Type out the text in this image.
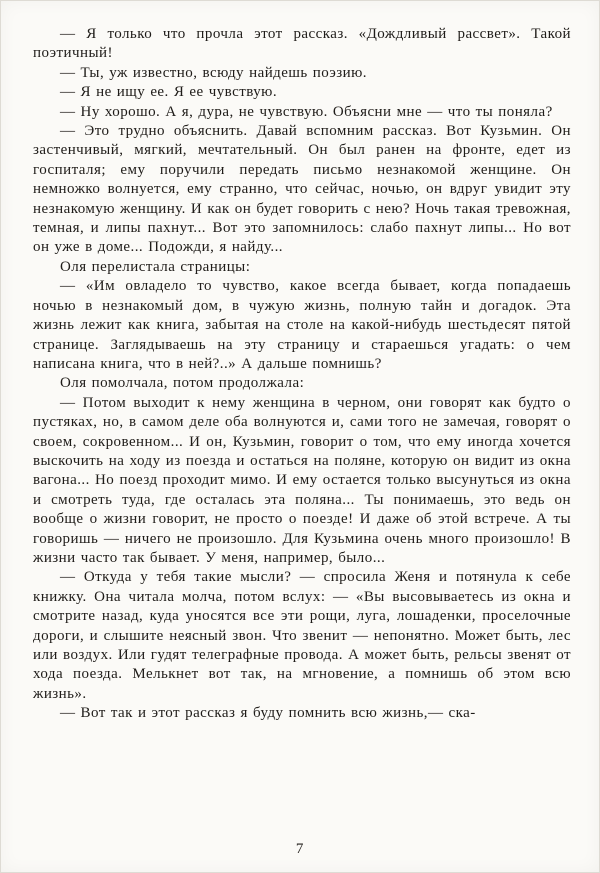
— Я только что прочла этот рассказ. «Дождливый рассвет». Такой поэтичный!

— Ты, уж известно, всюду найдешь поэзию.

— Я не ищу ее. Я ее чувствую.

— Ну хорошо. А я, дура, не чувствую. Объясни мне — что ты поняла?

— Это трудно объяснить. Давай вспомним рассказ. Вот Кузьмин. Он застенчивый, мягкий, мечтательный. Он был ранен на фронте, едет из госпиталя; ему поручили передать письмо незнакомой женщине. Он немножко волнуется, ему странно, что сейчас, ночью, он вдруг увидит эту незнакомую женщину. И как он будет говорить с нею? Ночь такая тревожная, темная, и липы пахнут... Вот это запомнилось: слабо пахнут липы... Но вот он уже в доме... Подожди, я найду...

Оля перелистала страницы:

— «Им овладело то чувство, какое всегда бывает, когда попадаешь ночью в незнакомый дом, в чужую жизнь, полную тайн и догадок. Эта жизнь лежит как книга, забытая на столе на какой-нибудь шестьдесят пятой странице. Заглядываешь на эту страницу и стараешься угадать: о чем написана книга, что в ней?..» А дальше помнишь?

Оля помолчала, потом продолжала:

— Потом выходит к нему женщина в черном, они говорят как будто о пустяках, но, в самом деле оба волнуются и, сами того не замечая, говорят о своем, сокровенном... И он, Кузьмин, говорит о том, что ему иногда хочется выскочить на ходу из поезда и остаться на поляне, которую он видит из окна вагона... Но поезд проходит мимо. И ему остается только высунуться из окна и смотреть туда, где осталась эта поляна... Ты понимаешь, это ведь он вообще о жизни говорит, не просто о поезде! И даже об этой встрече. А ты говоришь — ничего не произошло. Для Кузьмина очень много произошло! В жизни часто так бывает. У меня, например, было...

— Откуда у тебя такие мысли? — спросила Женя и потянула к себе книжку. Она читала молча, потом вслух: — «Вы высовываетесь из окна и смотрите назад, куда уносятся все эти рощи, луга, лошаденки, проселочные дороги, и слышите неясный звон. Что звенит — непонятно. Может быть, лес или воздух. Или гудят телеграфные провода. А может быть, рельсы звенят от хода поезда. Мелькнет вот так, на мгновение, а помнишь об этом всю жизнь».

— Вот так и этот рассказ я буду помнить всю жизнь,— ска-

7
